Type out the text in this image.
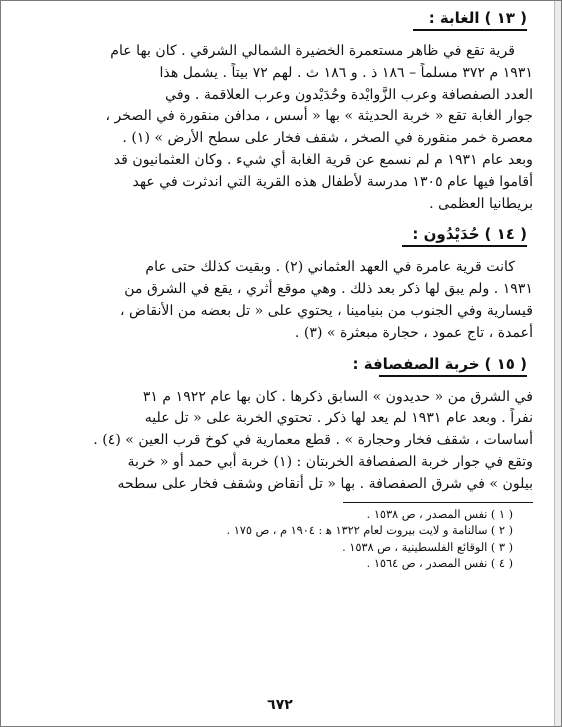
( ١٣ )
الغابة :
قرية تقع في ظاهر مستعمرة الخضيرة الشمالي الشرقي . كان بها عام
١٩٣١ م ٣٧٢ مسلماً – ١٨٦ ذ . و ١٨٦ ث . لهم ٧٢ بيتاً . يشمل هذا
العدد الصفصافة وعرب الزَّوايْدة وحُدَيْدون وعرب العلاقمة . وفي
جوار الغابة تقع « خربة الحديثة » بها « أسس ، مدافن منقورة في الصخر ،
معصرة خمر منقورة في الصخر ، شقف فخار على سطح الأرض » (١) .
وبعد عام ١٩٣١ م لم نسمع عن قرية الغابة أي شيء . وكان العثمانيون قد
أقاموا فيها عام ١٣٠٥ مدرسة لأطفال هذه القرية التي اندثرت في عهد
بريطانيا العظمى .
( ١٤ )
حُدَيْدُون :
كانت قرية عامرة في العهد العثماني (٢) . وبقيت كذلك حتى عام
١٩٣١ . ولم يبق لها ذكر بعد ذلك . وهي موقع أثري ، يقع في الشرق من
قيسارية وفي الجنوب من بنيامينا ، يحتوي على « تل بعضه من الأنقاض ،
أعمدة ، تاج عمود ، حجارة مبعثرة » (٣) .
( ١٥ )
خربة الصفصافة :
في الشرق من « حديدون » السابق ذكرها . كان بها عام ١٩٢٢ م ٣١
نفراً . وبعد عام ١٩٣١ لم يعد لها ذكر . تحتوي الخربة على « تل عليه
أساسات ، شقف فخار وحجارة » . قطع معمارية في كوخ قرب العين » (٤) .
وتقع في جوار خربة الصفصافة الخربتان : (١) خربة أبي حمد أو « خربة
بيلون » في شرق الصفصافة . بها « تل أنقاض وشقف فخار على سطحه
( ١ ) نفس المصدر ، ص ١٥٣٨ .
( ٢ ) سالنامة و لايت بيروت لعام ١٣٢٢ ﻫ : ١٩٠٤ م ، ص ١٧٥ .
( ٣ ) الوقائع الفلسطينية ، ص ١٥٣٨ .
( ٤ ) نفس المصدر ، ص ١٥٦٤ .
٦٧٢
